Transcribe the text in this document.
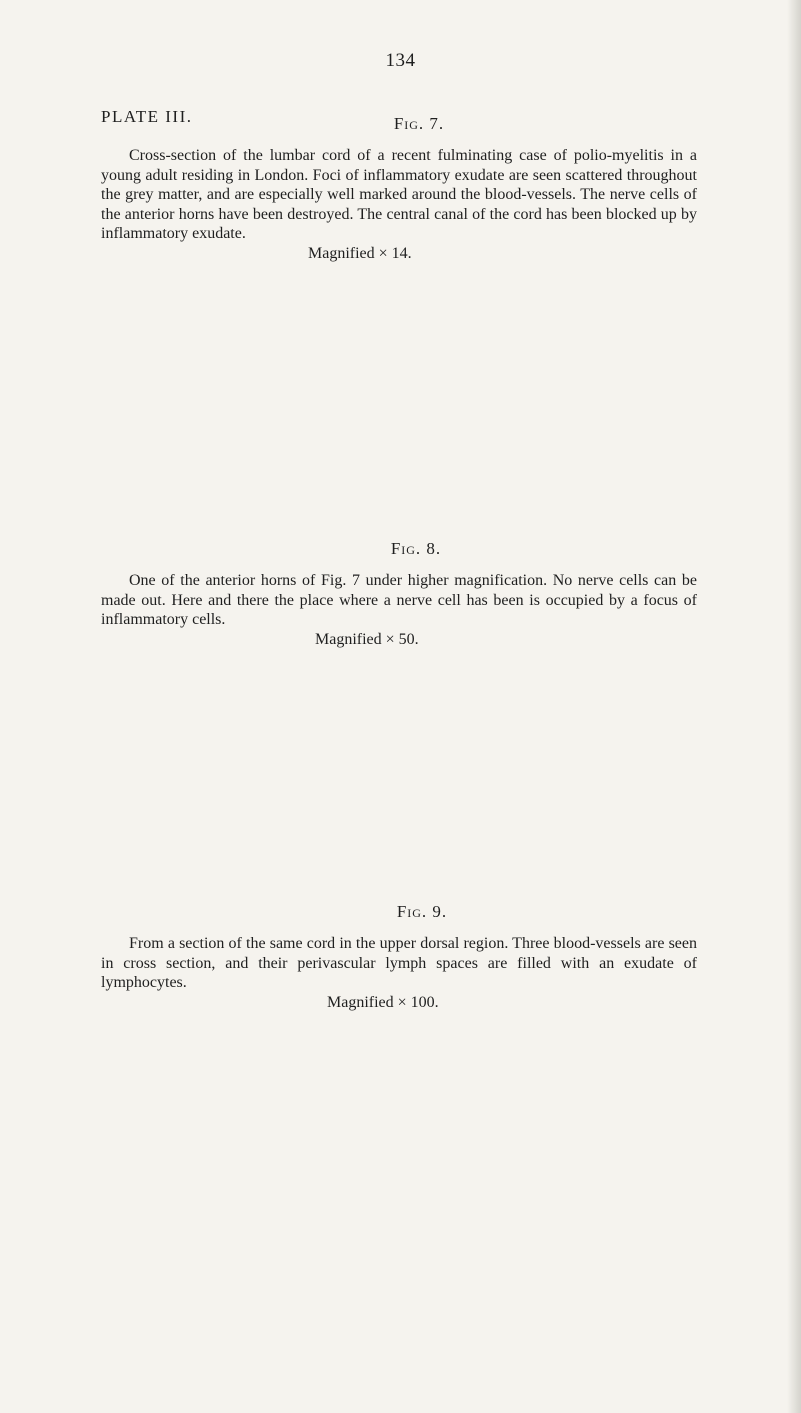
134
PLATE III.	Fig. 7.

Cross-section of the lumbar cord of a recent fulminating case of polio-myelitis in a young adult residing in London. Foci of inflammatory exudate are seen scattered throughout the grey matter, and are especially well marked around the blood-vessels. The nerve cells of the anterior horns have been destroyed. The central canal of the cord has been blocked up by inflammatory exudate.

Magnified × 14.

Fig. 8.

One of the anterior horns of Fig. 7 under higher magnification. No nerve cells can be made out. Here and there the place where a nerve cell has been is occupied by a focus of inflammatory cells.

Magnified × 50.

Fig. 9.

From a section of the same cord in the upper dorsal region. Three blood-vessels are seen in cross section, and their perivascular lymph spaces are filled with an exudate of lymphocytes.

Magnified × 100.
